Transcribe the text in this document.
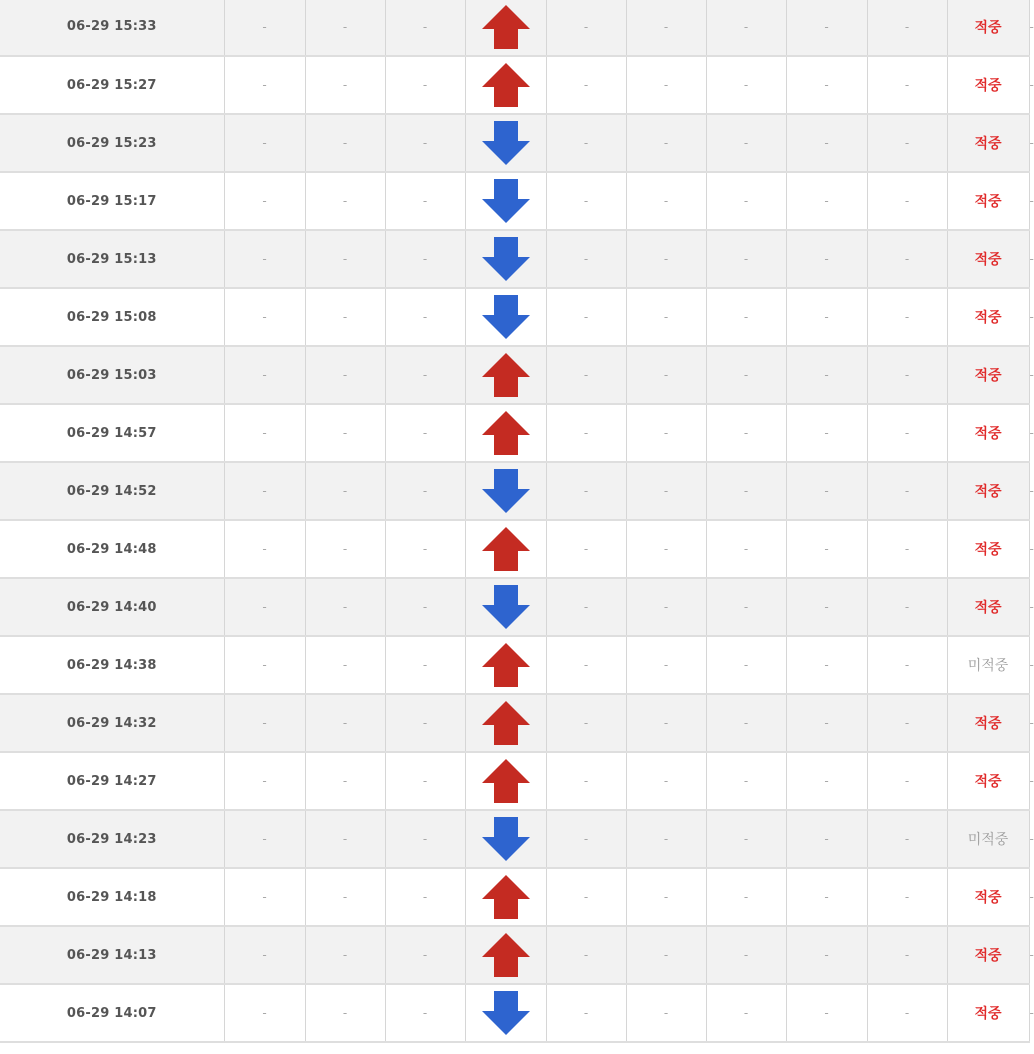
06-29 15:33	-	-	-		-	-	-	-	-	적중	-
06-29 15:27	-	-	-		-	-	-	-	-	적중	-
06-29 15:23	-	-	-		-	-	-	-	-	적중	-
06-29 15:17	-	-	-		-	-	-	-	-	적중	-
06-29 15:13	-	-	-		-	-	-	-	-	적중	-
06-29 15:08	-	-	-		-	-	-	-	-	적중	-
06-29 15:03	-	-	-		-	-	-	-	-	적중	-
06-29 14:57	-	-	-		-	-	-	-	-	적중	-
06-29 14:52	-	-	-		-	-	-	-	-	적중	-
06-29 14:48	-	-	-		-	-	-	-	-	적중	-
06-29 14:40	-	-	-		-	-	-	-	-	적중	-
06-29 14:38	-	-	-		-	-	-	-	-	미적중	-
06-29 14:32	-	-	-		-	-	-	-	-	적중	-
06-29 14:27	-	-	-		-	-	-	-	-	적중	-
06-29 14:23	-	-	-		-	-	-	-	-	미적중	-
06-29 14:18	-	-	-		-	-	-	-	-	적중	-
06-29 14:13	-	-	-		-	-	-	-	-	적중	-
06-29 14:07	-	-	-		-	-	-	-	-	적중	-
